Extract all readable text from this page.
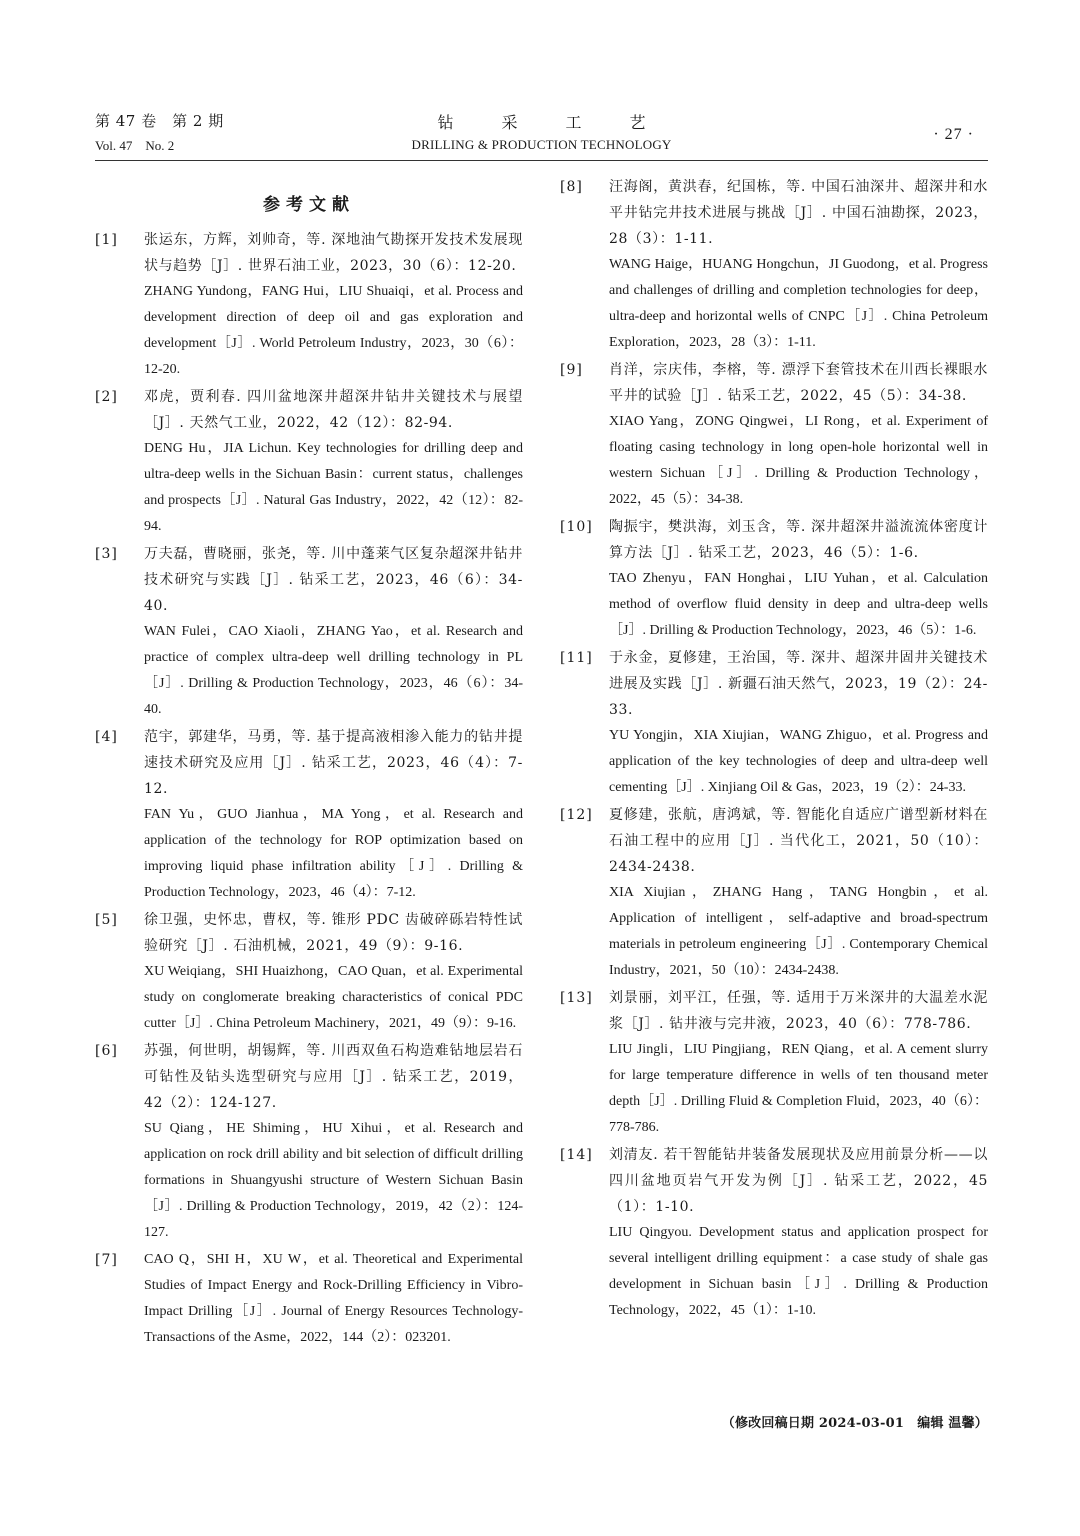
第 47 卷　第 2 期
Vol. 47　No. 2
钻采工艺
DRILLING & PRODUCTION TECHNOLOGY
· 27 ·
参考文献
[1] 张运东，方辉，刘帅奇，等. 深地油气勘探开发技术发展现状与趋势［J］. 世界石油工业，2023，30（6）：12-20.
ZHANG Yundong，FANG Hui，LIU Shuaiqi，et al. Process and development direction of deep oil and gas exploration and development［J］. World Petroleum Industry，2023，30（6）：12-20.
[2] 邓虎，贾利春. 四川盆地深井超深井钻井关键技术与展望［J］. 天然气工业，2022，42（12）：82-94.
DENG Hu，JIA Lichun. Key technologies for drilling deep and ultra-deep wells in the Sichuan Basin：current status，challenges and prospects［J］. Natural Gas Industry，2022，42（12）：82-94.
[3] 万夫磊，曹晓丽，张尧，等. 川中蓬莱气区复杂超深井钻井技术研究与实践［J］. 钻采工艺，2023，46（6）：34-40.
WAN Fulei，CAO Xiaoli，ZHANG Yao，et al. Research and practice of complex ultra-deep well drilling technology in PL［J］. Drilling & Production Technology，2023，46（6）：34-40.
[4] 范宇，郭建华，马勇，等. 基于提高液相渗入能力的钻井提速技术研究及应用［J］. 钻采工艺，2023，46（4）：7-12.
FAN Yu，GUO Jianhua，MA Yong，et al. Research and application of the technology for ROP optimization based on improving liquid phase infiltration ability［J］. Drilling & Production Technology，2023，46（4）：7-12.
[5] 徐卫强，史怀忠，曹权，等. 锥形 PDC 齿破碎砾岩特性试验研究［J］. 石油机械，2021，49（9）：9-16.
XU Weiqiang，SHI Huaizhong，CAO Quan，et al. Experimental study on conglomerate breaking characteristics of conical PDC cutter［J］. China Petroleum Machinery，2021，49（9）：9-16.
[6] 苏强，何世明，胡锡辉，等. 川西双鱼石构造难钻地层岩石可钻性及钻头选型研究与应用［J］. 钻采工艺，2019，42（2）：124-127.
SU Qiang，HE Shiming，HU Xihui，et al. Research and application on rock drill ability and bit selection of difficult drilling formations in Shuangyushi structure of Western Sichuan Basin［J］. Drilling & Production Technology，2019，42（2）：124-127.
[7] CAO Q，SHI H，XU W，et al. Theoretical and Experimental Studies of Impact Energy and Rock-Drilling Efficiency in Vibro-Impact Drilling［J］. Journal of Energy Resources Technology-Transactions of the Asme，2022，144（2）：023201.
[8] 汪海阁，黄洪春，纪国栋，等. 中国石油深井、超深井和水平井钻完井技术进展与挑战［J］. 中国石油勘探，2023，28（3）：1-11.
WANG Haige，HUANG Hongchun，JI Guodong，et al. Progress and challenges of drilling and completion technologies for deep，ultra-deep and horizontal wells of CNPC［J］. China Petroleum Exploration，2023，28（3）：1-11.
[9] 肖洋，宗庆伟，李榕，等. 漂浮下套管技术在川西长裸眼水平井的试验［J］. 钻采工艺，2022，45（5）：34-38.
XIAO Yang，ZONG Qingwei，LI Rong，et al. Experiment of floating casing technology in long open-hole horizontal well in western Sichuan［J］. Drilling & Production Technology，2022，45（5）：34-38.
[10] 陶振宇，樊洪海，刘玉含，等. 深井超深井溢流流体密度计算方法［J］. 钻采工艺，2023，46（5）：1-6.
TAO Zhenyu，FAN Honghai，LIU Yuhan，et al. Calculation method of overflow fluid density in deep and ultra-deep wells［J］. Drilling & Production Technology，2023，46（5）：1-6.
[11] 于永金，夏修建，王治国，等. 深井、超深井固井关键技术进展及实践［J］. 新疆石油天然气，2023，19（2）：24-33.
YU Yongjin，XIA Xiujian，WANG Zhiguo，et al. Progress and application of the key technologies of deep and ultra-deep well cementing［J］. Xinjiang Oil & Gas，2023，19（2）：24-33.
[12] 夏修建，张航，唐鸿斌，等. 智能化自适应广谱型新材料在石油工程中的应用［J］. 当代化工，2021，50（10）：2434-2438.
XIA Xiujian，ZHANG Hang，TANG Hongbin，et al. Application of intelligent，self-adaptive and broad-spectrum materials in petroleum engineering［J］. Contemporary Chemical Industry，2021，50（10）：2434-2438.
[13] 刘景丽，刘平江，任强，等. 适用于万米深井的大温差水泥浆［J］. 钻井液与完井液，2023，40（6）：778-786.
LIU Jingli，LIU Pingjiang，REN Qiang，et al. A cement slurry for large temperature difference in wells of ten thousand meter depth［J］. Drilling Fluid & Completion Fluid，2023，40（6）：778-786.
[14] 刘清友. 若干智能钻井装备发展现状及应用前景分析——以四川盆地页岩气开发为例［J］. 钻采工艺，2022，45（1）：1-10.
LIU Qingyou. Development status and application prospect for several intelligent drilling equipment：a case study of shale gas development in Sichuan basin［J］. Drilling & Production Technology，2022，45（1）：1-10.
（修改回稿日期 2024-03-01　编辑 温馨）
